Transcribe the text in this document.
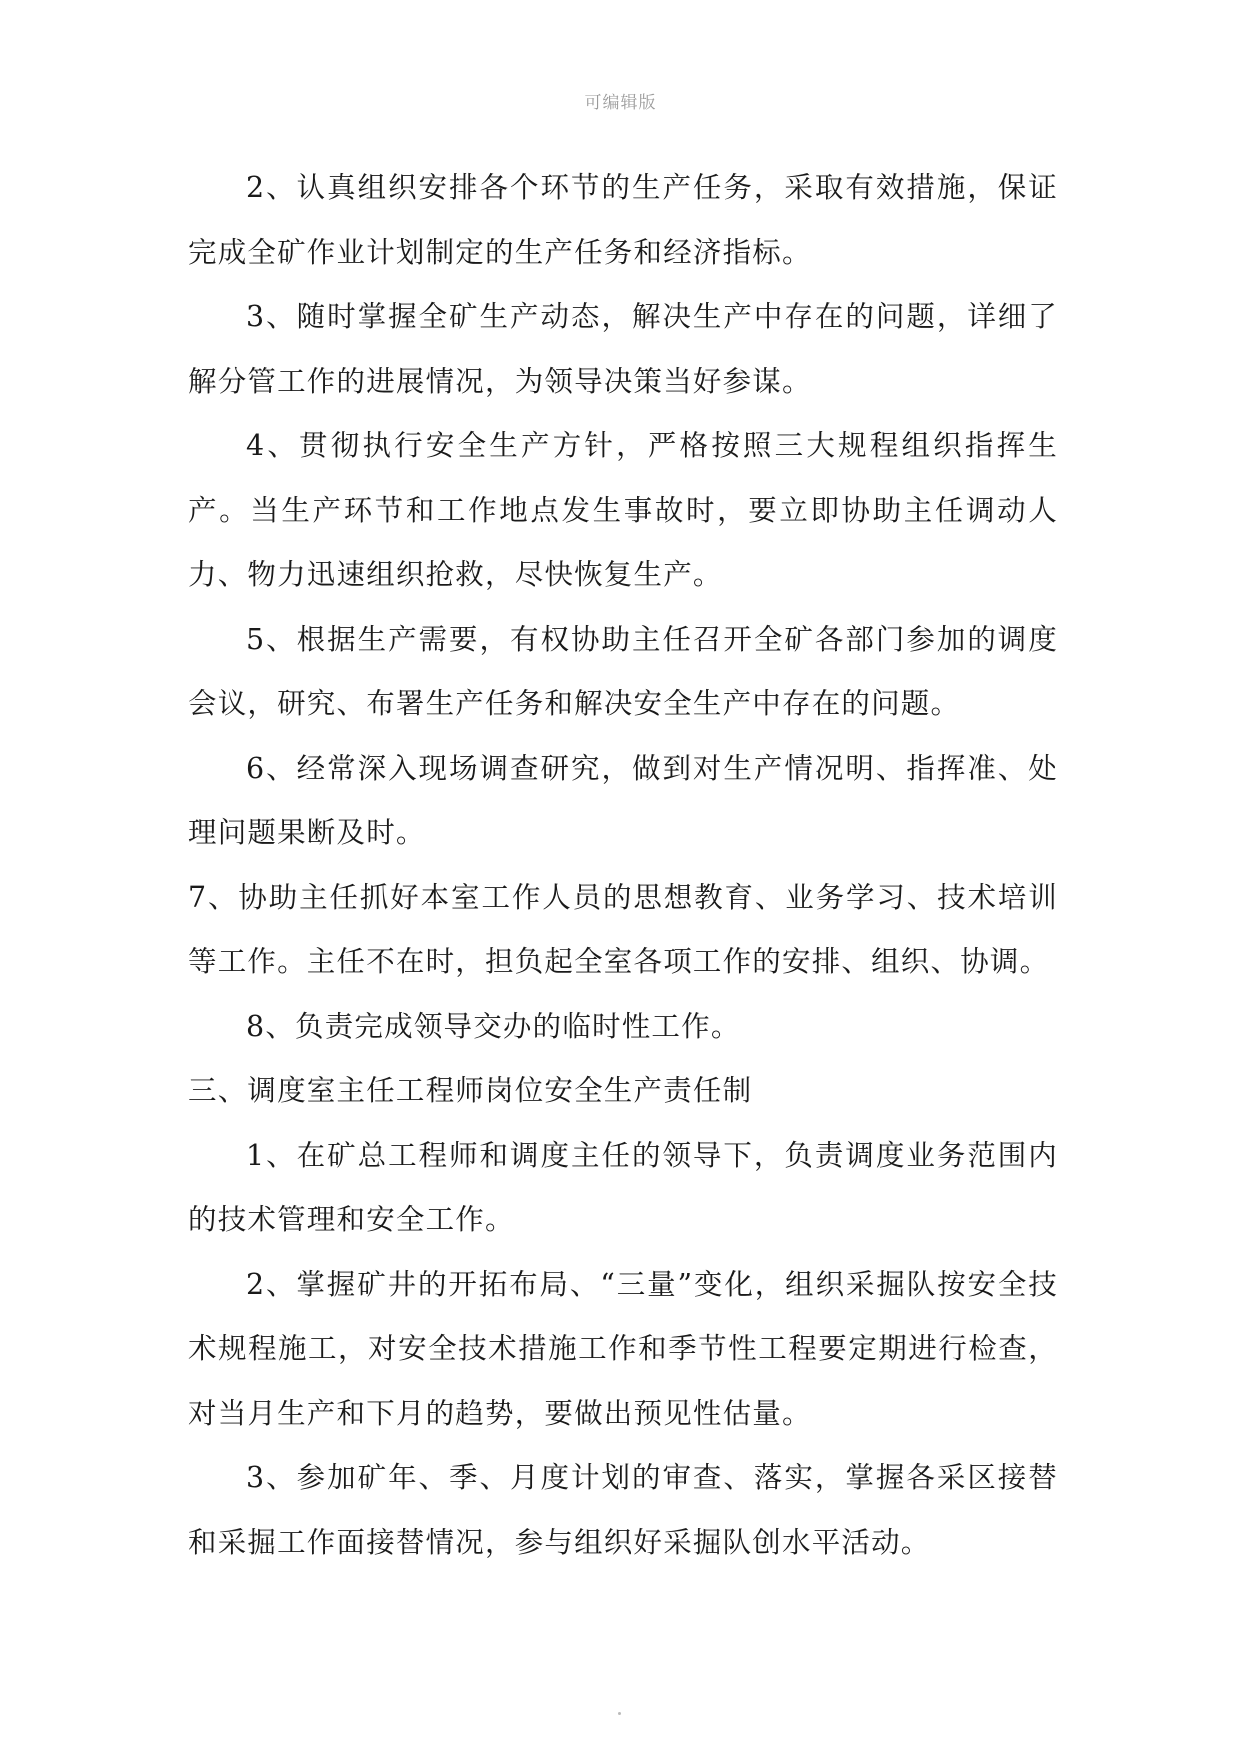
可编辑版

2、认真组织安排各个环节的生产任务，采取有效措施，保证完成全矿作业计划制定的生产任务和经济指标。

3、随时掌握全矿生产动态，解决生产中存在的问题，详细了解分管工作的进展情况，为领导决策当好参谋。

4、贯彻执行安全生产方针，严格按照三大规程组织指挥生产。当生产环节和工作地点发生事故时，要立即协助主任调动人力、物力迅速组织抢救，尽快恢复生产。

5、根据生产需要，有权协助主任召开全矿各部门参加的调度会议，研究、布署生产任务和解决安全生产中存在的问题。

6、经常深入现场调查研究，做到对生产情况明、指挥准、处理问题果断及时。

7、协助主任抓好本室工作人员的思想教育、业务学习、技术培训等工作。主任不在时，担负起全室各项工作的安排、组织、协调。

8、负责完成领导交办的临时性工作。

三、调度室主任工程师岗位安全生产责任制

1、在矿总工程师和调度主任的领导下，负责调度业务范围内的技术管理和安全工作。

2、掌握矿井的开拓布局、“三量”变化，组织采掘队按安全技术规程施工，对安全技术措施工作和季节性工程要定期进行检查，对当月生产和下月的趋势，要做出预见性估量。

3、参加矿年、季、月度计划的审查、落实，掌握各采区接替和采掘工作面接替情况，参与组织好采掘队创水平活动。
